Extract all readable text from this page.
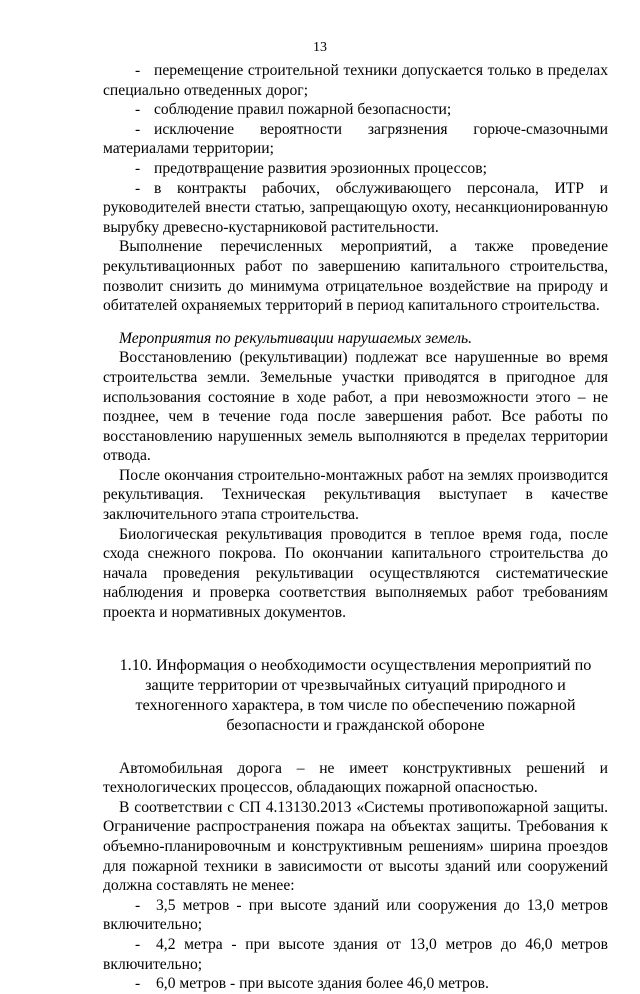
13

- перемещение строительной техники допускается только в пределах специально отведенных дорог;

- соблюдение правил пожарной безопасности;

- исключение вероятности загрязнения горюче-смазочными материалами территории;

- предотвращение развития эрозионных процессов;

- в контракты рабочих, обслуживающего персонала, ИТР и руководителей внести статью, запрещающую охоту, несанкционированную вырубку древесно-кустарниковой растительности.

Выполнение перечисленных мероприятий, а также проведение рекультивационных работ по завершению капитального строительства, позволит снизить до минимума отрицательное воздействие на природу и обитателей охраняемых территорий в период капитального строительства.

Мероприятия по рекультивации нарушаемых земель.

Восстановлению (рекультивации) подлежат все нарушенные во время строительства земли. Земельные участки приводятся в пригодное для использования состояние в ходе работ, а при невозможности этого – не позднее, чем в течение года после завершения работ. Все работы по восстановлению нарушенных земель выполняются в пределах территории отвода.

После окончания строительно-монтажных работ на землях производится рекультивация. Техническая рекультивация выступает в качестве заключительного этапа строительства.

Биологическая рекультивация проводится в теплое время года, после схода снежного покрова. По окончании капитального строительства до начала проведения рекультивации осуществляются систематические наблюдения и проверка соответствия выполняемых работ требованиям проекта и нормативных документов.

1.10. Информация о необходимости осуществления мероприятий по защите территории от чрезвычайных ситуаций природного и техногенного характера, в том числе по обеспечению пожарной безопасности и гражданской обороне

Автомобильная дорога – не имеет конструктивных решений и технологических процессов, обладающих пожарной опасностью.

В соответствии с СП 4.13130.2013 «Системы противопожарной защиты. Ограничение распространения пожара на объектах защиты. Требования к объемно-планировочным и конструктивным решениям» ширина проездов для пожарной техники в зависимости от высоты зданий или сооружений должна составлять не менее:

- 3,5 метров - при высоте зданий или сооружения до 13,0 метров включительно;

- 4,2 метра - при высоте здания от 13,0 метров до 46,0 метров включительно;

- 6,0 метров - при высоте здания более 46,0 метров.
